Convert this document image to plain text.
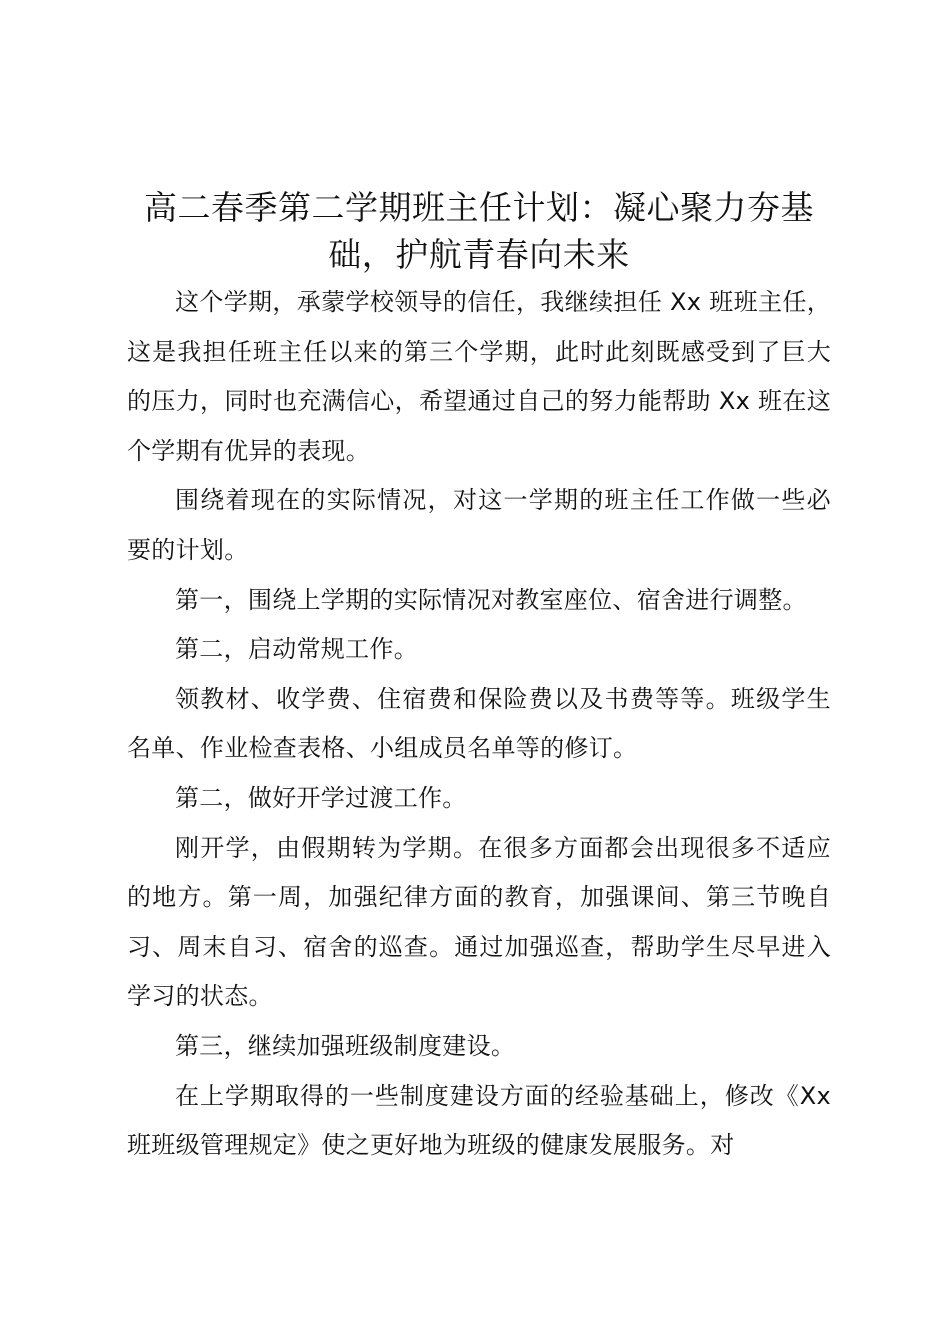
高二春季第二学期班主任计划：凝心聚力夯基础，护航青春向未来

这个学期，承蒙学校领导的信任，我继续担任 Xx 班班主任，这是我担任班主任以来的第三个学期，此时此刻既感受到了巨大的压力，同时也充满信心，希望通过自己的努力能帮助 Xx 班在这个学期有优异的表现。

围绕着现在的实际情况，对这一学期的班主任工作做一些必要的计划。

第一，围绕上学期的实际情况对教室座位、宿舍进行调整。

第二，启动常规工作。

领教材、收学费、住宿费和保险费以及书费等等。班级学生名单、作业检查表格、小组成员名单等的修订。

第二，做好开学过渡工作。

刚开学，由假期转为学期。在很多方面都会出现很多不适应的地方。第一周，加强纪律方面的教育，加强课间、第三节晚自习、周末自习、宿舍的巡查。通过加强巡查，帮助学生尽早进入学习的状态。

第三，继续加强班级制度建设。

在上学期取得的一些制度建设方面的经验基础上，修改《Xx 班班级管理规定》使之更好地为班级的健康发展服务。对
